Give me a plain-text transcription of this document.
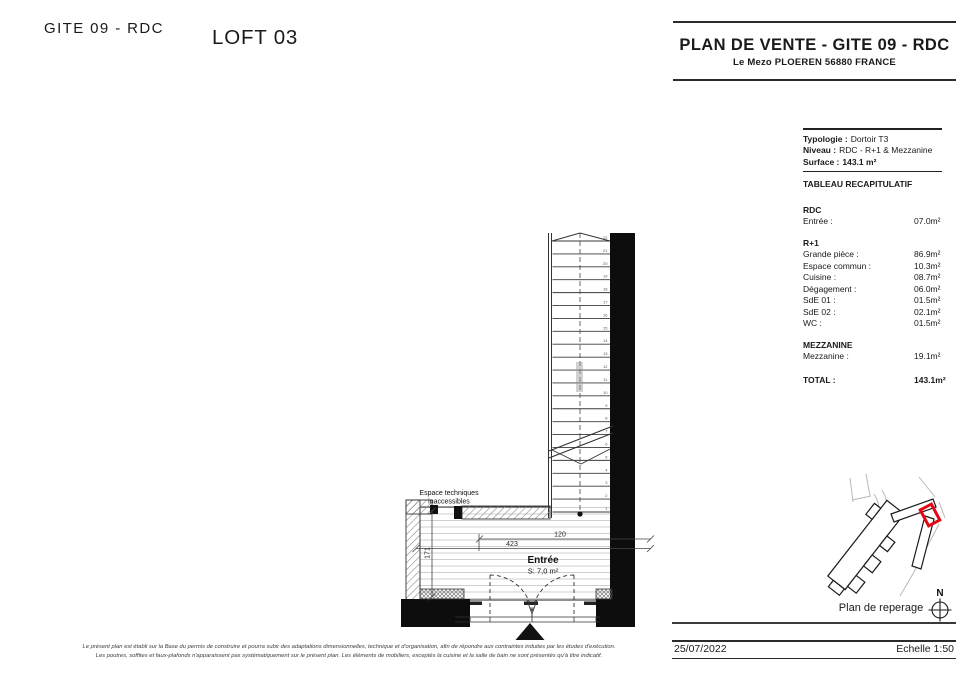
GITE 09 - RDC LOFT 03
1
2
3
4
5
6
7
8
9
10
11
12
13
14
15
16
17
18
19
20
21
22
120
423
171
Espace techniques
inaccessibles
Entrée
S: 7,0 m²
PLAN DE VENTE - GITE 09 - RDC
Le Mezo PLOEREN 56880 FRANCE
Typologie : Dortoir T3
Niveau : RDC - R+1 & Mezzanine
Surface : 143.1 m²
TABLEAU RECAPITULATIF
RDC
Entrée :	07.0m²
R+1
Grande pièce :	86.9m²
Espace commun :	10.3m²
Cuisine :	08.7m²
Dégagement :	06.0m²
SdE 01 :	01.5m²
SdE 02 :	02.1m²
WC :	01.5m²
MEZZANINE
Mezzanine :	19.1m²
TOTAL :	143.1m²
N
Plan de reperage
25/07/2022	Echelle 1:50
Le présent plan est établi sur la Base du permis de construire et pourra subir des adaptations dimensionnelles, technique et d'organisation, afin de répondre aux contraintes induites par les études d'exécution.
Les poutres, soffites et faux-plafonds n'apparaissent pas systématiquement sur le présent plan. Les éléments de mobiliers, exceptés la cuisine et la salle de bain ne sont présentés qu'à titre indicatif.
